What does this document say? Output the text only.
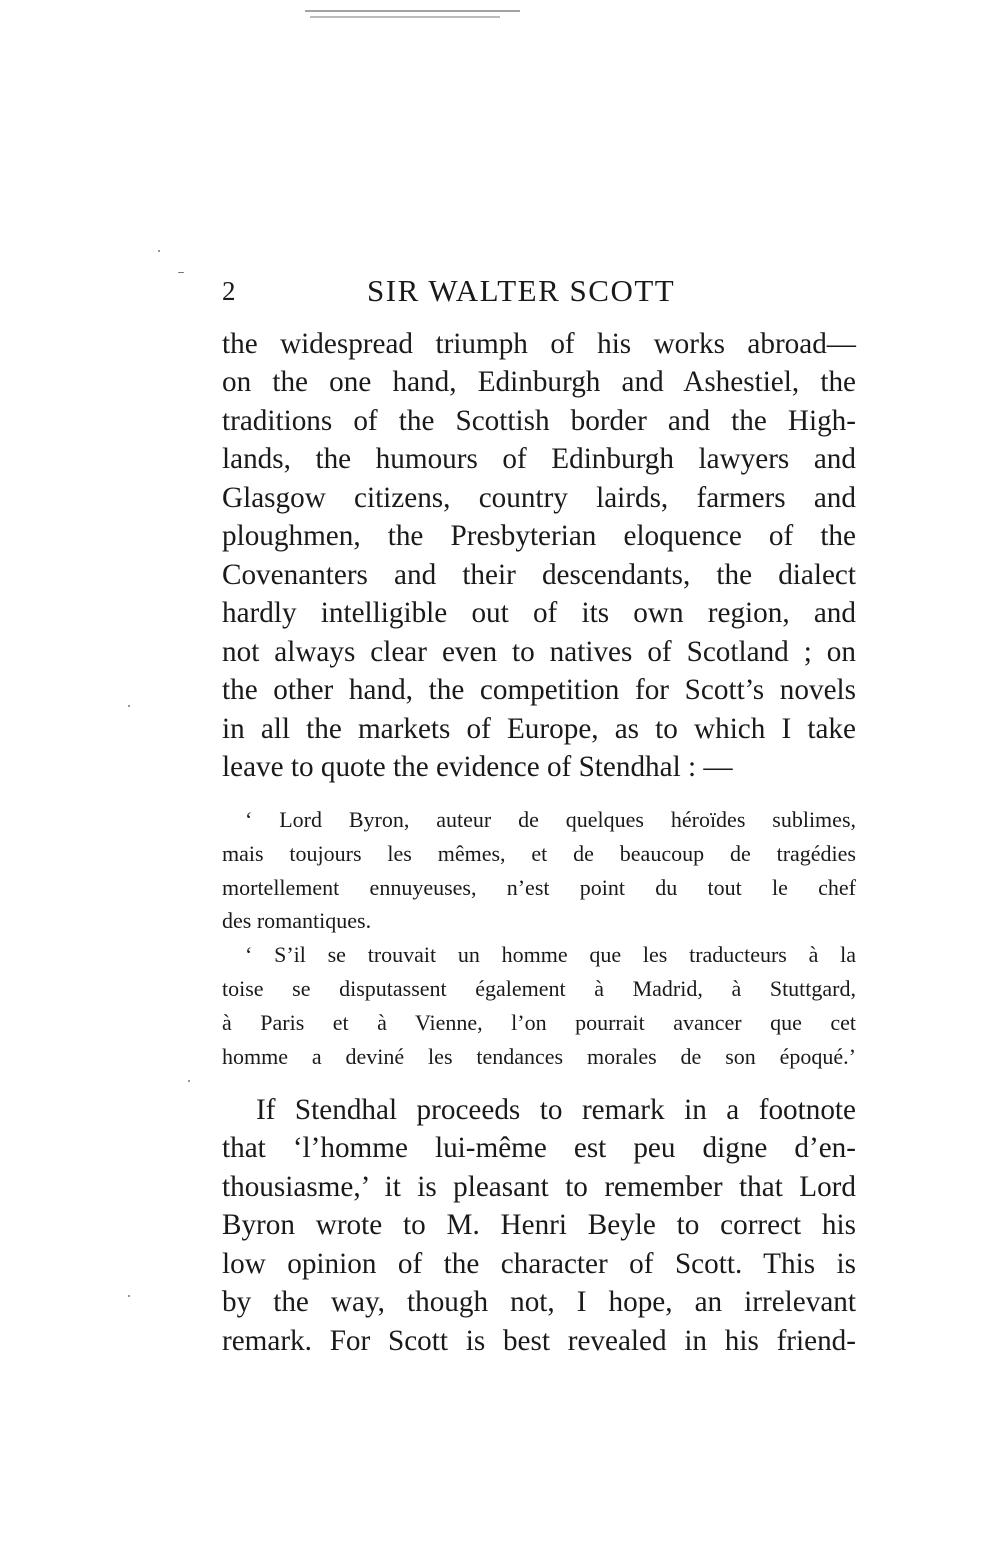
2	SIR WALTER SCOTT
the widespread triumph of his works abroad—
on the one hand, Edinburgh and Ashestiel, the
traditions of the Scottish border and the High-
lands, the humours of Edinburgh lawyers and
Glasgow citizens, country lairds, farmers and
ploughmen, the Presbyterian eloquence of the
Covenanters and their descendants, the dialect
hardly intelligible out of its own region, and
not always clear even to natives of Scotland ; on
the other hand, the competition for Scott’s novels
in all the markets of Europe, as to which I take
leave to quote the evidence of Stendhal : —
‘ Lord Byron, auteur de quelques héroïdes sublimes,
mais toujours les mêmes, et de beaucoup de tragédies
mortellement ennuyeuses, n’est point du tout le chef
des romantiques.
‘ S’il se trouvait un homme que les traducteurs à la
toise se disputassent également à Madrid, à Stuttgard,
à Paris et à Vienne, l’on pourrait avancer que cet
homme a deviné les tendances morales de son époqué.’
If Stendhal proceeds to remark in a footnote
that ‘l’homme lui-même est peu digne d’en-
thousiasme,’ it is pleasant to remember that Lord
Byron wrote to M. Henri Beyle to correct his
low opinion of the character of Scott. This is
by the way, though not, I hope, an irrelevant
remark. For Scott is best revealed in his friend-
